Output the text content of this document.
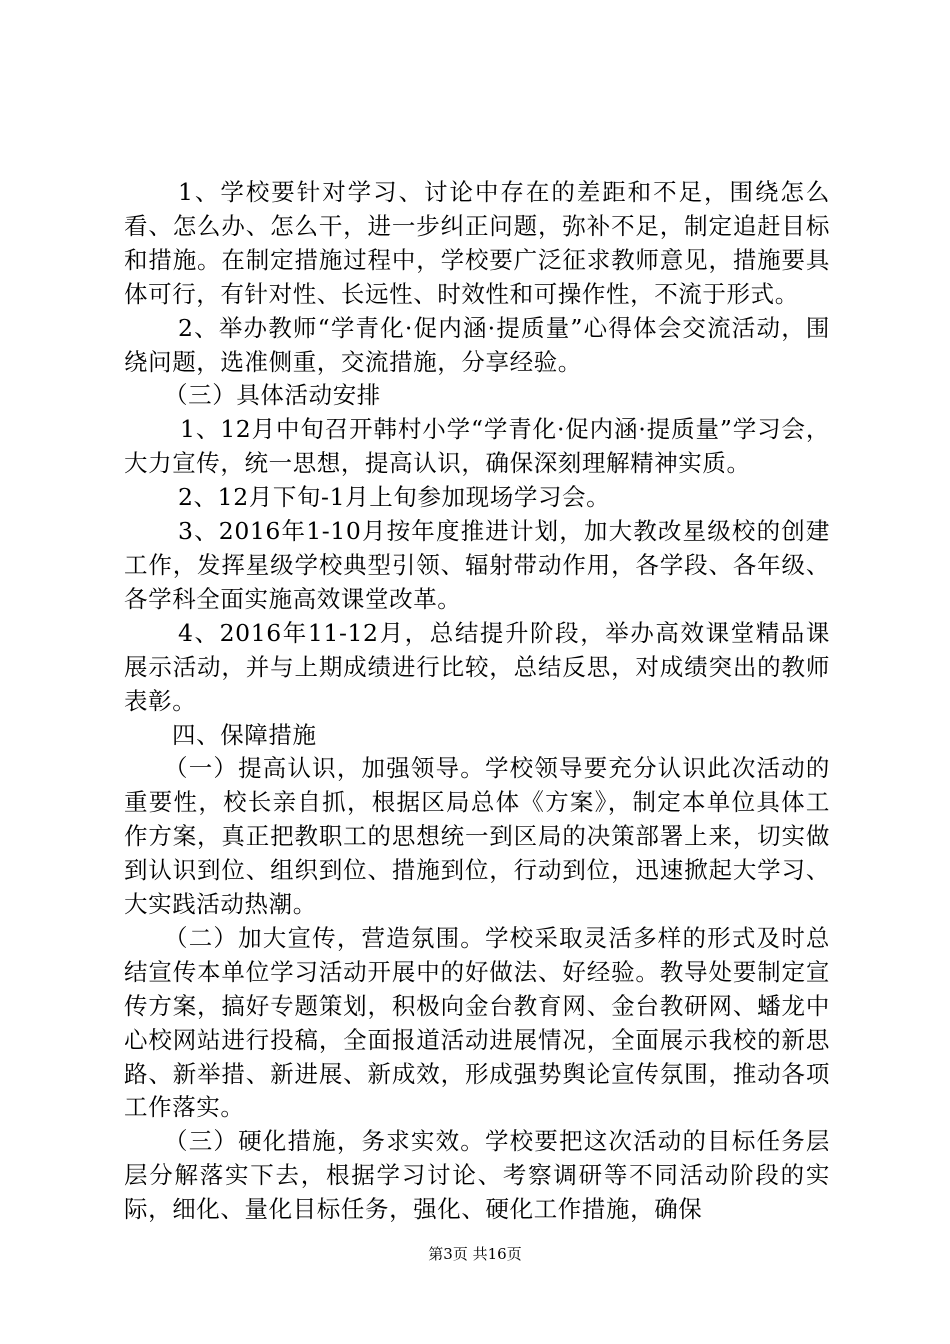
1、学校要针对学习、讨论中存在的差距和不足，围绕怎么看、怎么办、怎么干，进一步纠正问题，弥补不足，制定追赶目标和措施。在制定措施过程中，学校要广泛征求教师意见，措施要具体可行，有针对性、长远性、时效性和可操作性，不流于形式。

2、举办教师“学青化·促内涵·提质量”心得体会交流活动，围绕问题，选准侧重，交流措施，分享经验。

（三）具体活动安排

1、12月中旬召开韩村小学“学青化·促内涵·提质量”学习会，大力宣传，统一思想，提高认识，确保深刻理解精神实质。

2、12月下旬-1月上旬参加现场学习会。

3、2016年1-10月按年度推进计划，加大教改星级校的创建工作，发挥星级学校典型引领、辐射带动作用，各学段、各年级、各学科全面实施高效课堂改革。

4、2016年11-12月，总结提升阶段，举办高效课堂精品课展示活动，并与上期成绩进行比较，总结反思，对成绩突出的教师表彰。

四、保障措施

（一）提高认识，加强领导。学校领导要充分认识此次活动的重要性，校长亲自抓，根据区局总体《方案》，制定本单位具体工作方案，真正把教职工的思想统一到区局的决策部署上来，切实做到认识到位、组织到位、措施到位，行动到位，迅速掀起大学习、大实践活动热潮。

（二）加大宣传，营造氛围。学校采取灵活多样的形式及时总结宣传本单位学习活动开展中的好做法、好经验。教导处要制定宣传方案，搞好专题策划，积极向金台教育网、金台教研网、蟠龙中心校网站进行投稿，全面报道活动进展情况，全面展示我校的新思路、新举措、新进展、新成效，形成强势舆论宣传氛围，推动各项工作落实。

（三）硬化措施，务求实效。学校要把这次活动的目标任务层层分解落实下去，根据学习讨论、考察调研等不同活动阶段的实际，细化、量化目标任务，强化、硬化工作措施，确保

第3页 共16页
